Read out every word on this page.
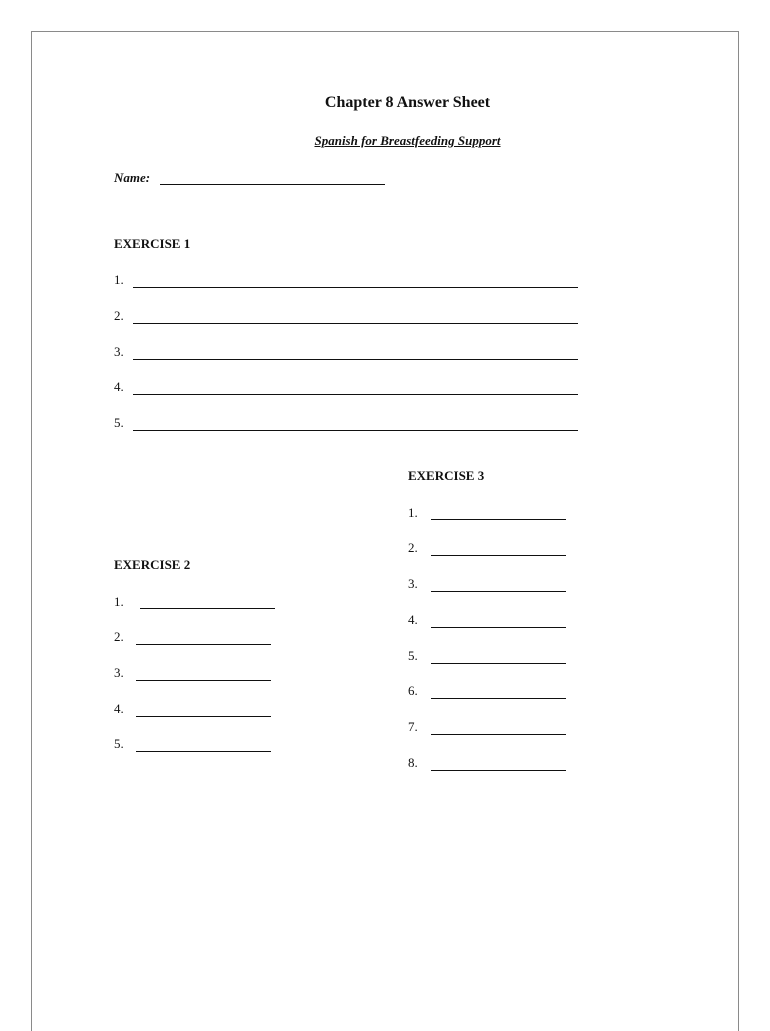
Chapter 8 Answer Sheet
Spanish for Breastfeeding Support
Name:
EXERCISE 1
1.
2.
3.
4.
5.
EXERCISE 2
1.
2.
3.
4.
5.
EXERCISE 3
1.
2.
3.
4.
5.
6.
7.
8.
